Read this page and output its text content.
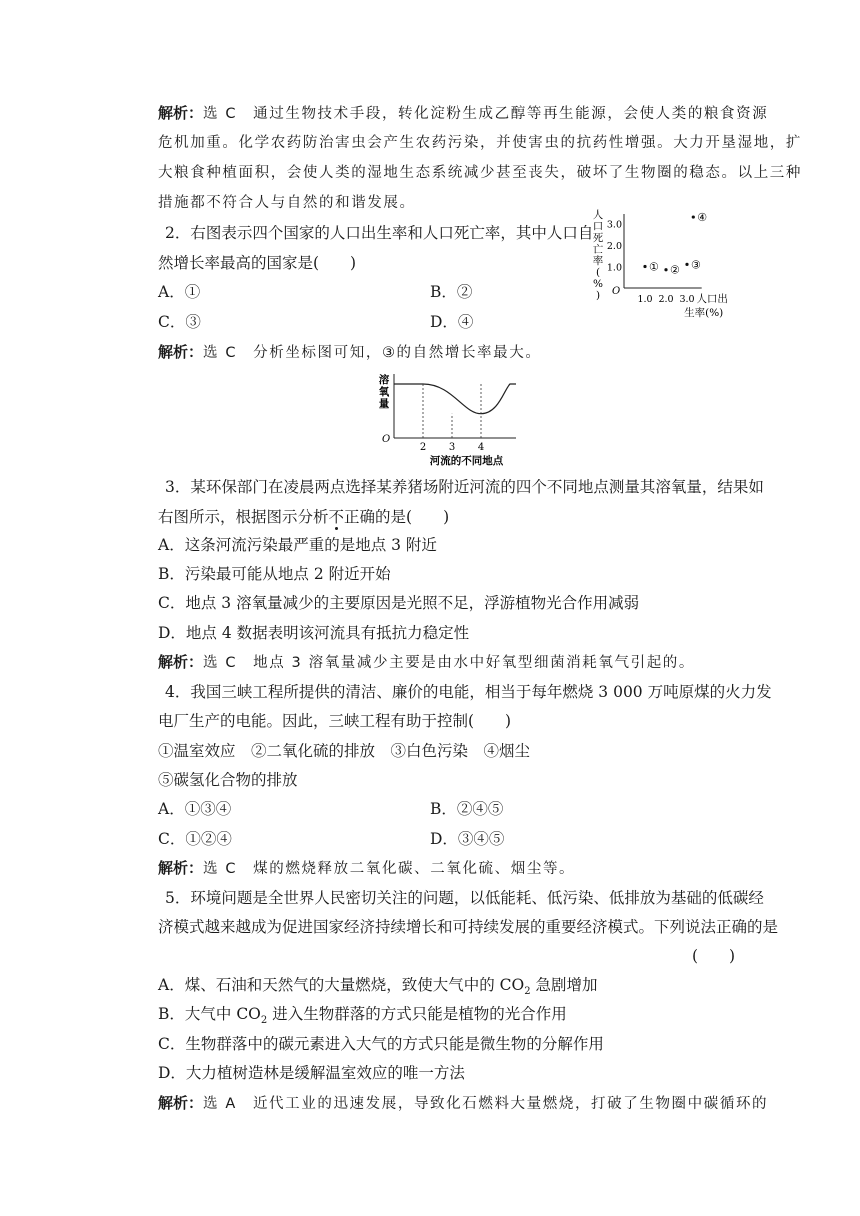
解析：选 C　通过生物技术手段，转化淀粉生成乙醇等再生能源，会使人类的粮食资源
危机加重。化学农药防治害虫会产生农药污染，并使害虫的抗药性增强。大力开垦湿地，扩
大粮食种植面积，会使人类的湿地生态系统减少甚至丧失，破坏了生物圈的稳态。以上三种
措施都不符合人与自然的和谐发展。
2．右图表示四个国家的人口出生率和人口死亡率，其中人口自
然增长率最高的国家是(　　)
A．①	B．②
C．③	D．④
解析：选 C　分析坐标图可知，③的自然增长率最大。
O
1.0
2.0
3.0
1.0 2.0 3.0
人
口
死
亡
率
(
%
)	人口出
生率(%)
① ② ③
④
O
溶
氧
量
河流的不同地点
2 3 4
3．某环保部门在凌晨两点选择某养猪场附近河流的四个不同地点测量其溶氧量，结果如
右图所示，根据图示分析不正确的是(　　)
A．这条河流污染最严重的是地点 3 附近
B．污染最可能从地点 2 附近开始
C．地点 3 溶氧量减少的主要原因是光照不足，浮游植物光合作用减弱
D．地点 4 数据表明该河流具有抵抗力稳定性
解析：选 C　地点 3 溶氧量减少主要是由水中好氧型细菌消耗氧气引起的。
4．我国三峡工程所提供的清洁、廉价的电能，相当于每年燃烧 3 000 万吨原煤的火力发
电厂生产的电能。因此，三峡工程有助于控制(　　)
①温室效应　②二氧化硫的排放　③白色污染　④烟尘
⑤碳氢化合物的排放
A．①③④	B．②④⑤
C．①②④	D．③④⑤
解析：选 C　煤的燃烧释放二氧化碳、二氧化硫、烟尘等。
5．环境问题是全世界人民密切关注的问题，以低能耗、低污染、低排放为基础的低碳经
济模式越来越成为促进国家经济持续增长和可持续发展的重要经济模式。下列说法正确的是
(　　)
A．煤、石油和天然气的大量燃烧，致使大气中的 $CO_2$ 急剧增加
B．大气中 $CO_2$ 进入生物群落的方式只能是植物的光合作用
C．生物群落中的碳元素进入大气的方式只能是微生物的分解作用
D．大力植树造林是缓解温室效应的唯一方法
解析：选 A　近代工业的迅速发展，导致化石燃料大量燃烧，打破了生物圈中碳循环的
